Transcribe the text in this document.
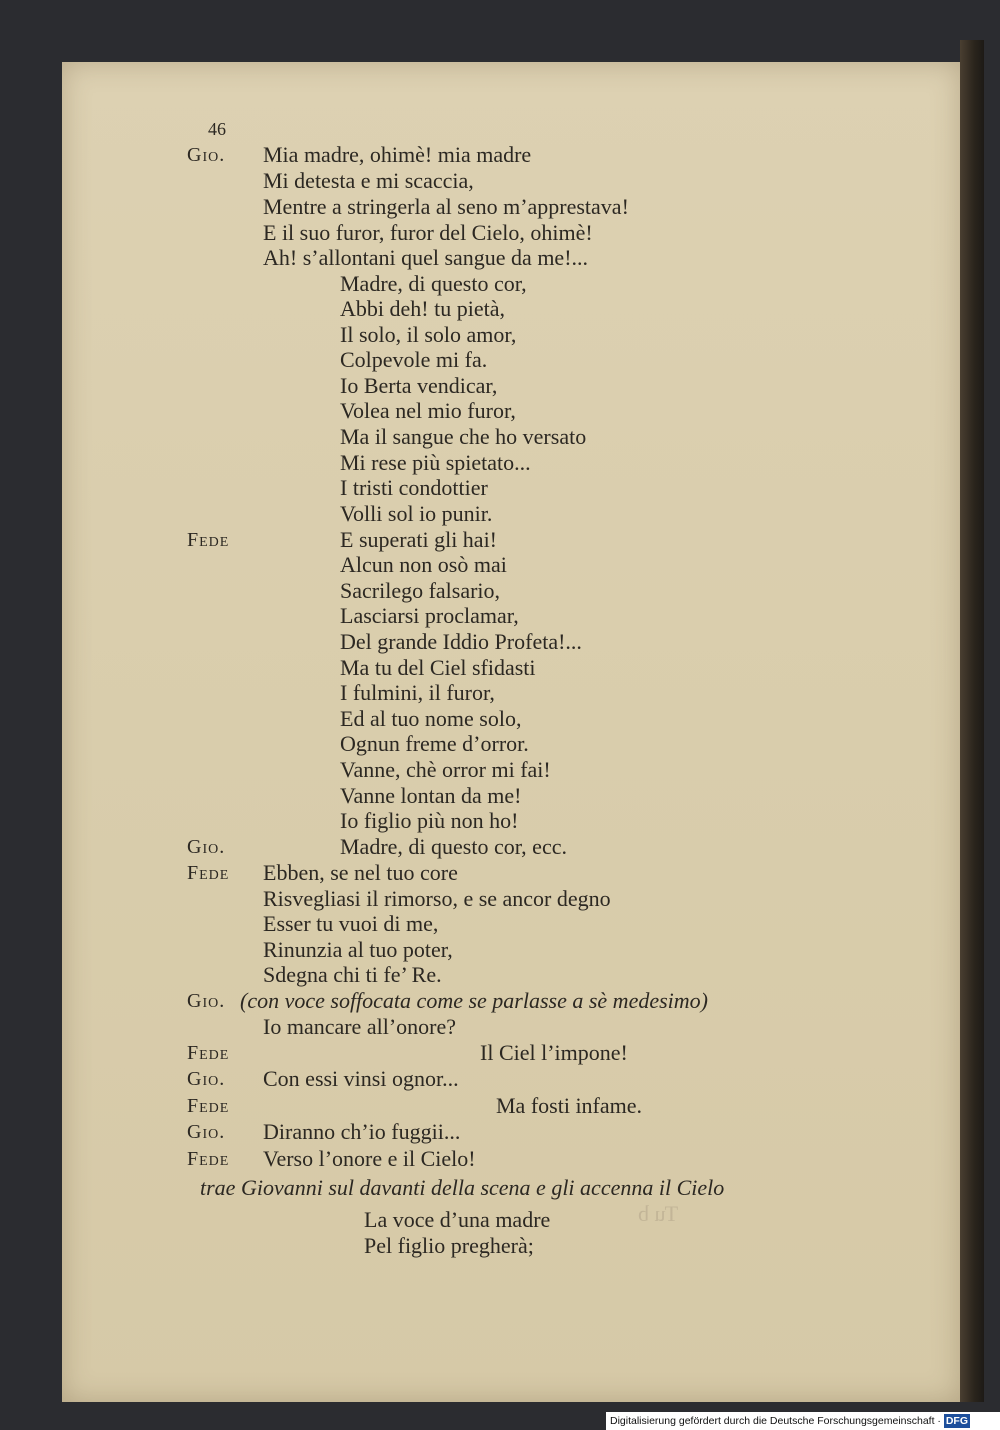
46
Gio. Mia madre, ohimè! mia madre
Mi detesta e mi scaccia,
Mentre a stringerla al seno m’apprestava!
E il suo furor, furor del Cielo, ohimè!
Ah! s’allontani quel sangue da me!...
Madre, di questo cor,
Abbi deh! tu pietà,
Il solo, il solo amor,
Colpevole mi fa.
Io Berta vendicar,
Volea nel mio furor,
Ma il sangue che ho versato
Mi rese più spietato...
I tristi condottier
Volli sol io punir.
Fede	E superati gli hai!
Alcun non osò mai
Sacrilego falsario,
Lasciarsi proclamar,
Del grande Iddio Profeta!...
Ma tu del Ciel sfidasti
I fulmini, il furor,
Ed al tuo nome solo,
Ognun freme d’orror.
Vanne, chè orror mi fai!
Vanne lontan da me!
Io figlio più non ho!
Gio.	Madre, di questo cor, ecc.
Fede Ebben, se nel tuo core
Risvegliasi il rimorso, e se ancor degno
Esser tu vuoi di me,
Rinunzia al tuo poter,
Sdegna chi ti fe’ Re.
Gio. (con voce soffocata come se parlasse a sè medesimo)
Io mancare all’onore?
Fede	Il Ciel l’impone!
Gio. Con essi vinsi ognor...
Fede	Ma fosti infame.
Gio. Diranno ch’io fuggii...
Fede Verso l’onore e il Cielo!
trae Giovanni sul davanti della scena e gli accenna il Cielo
La voce d’una madre
Pel figlio pregherà;
Tu b
Digitalisierung gefördert durch die Deutsche Forschungsgemeinschaft · DFG
